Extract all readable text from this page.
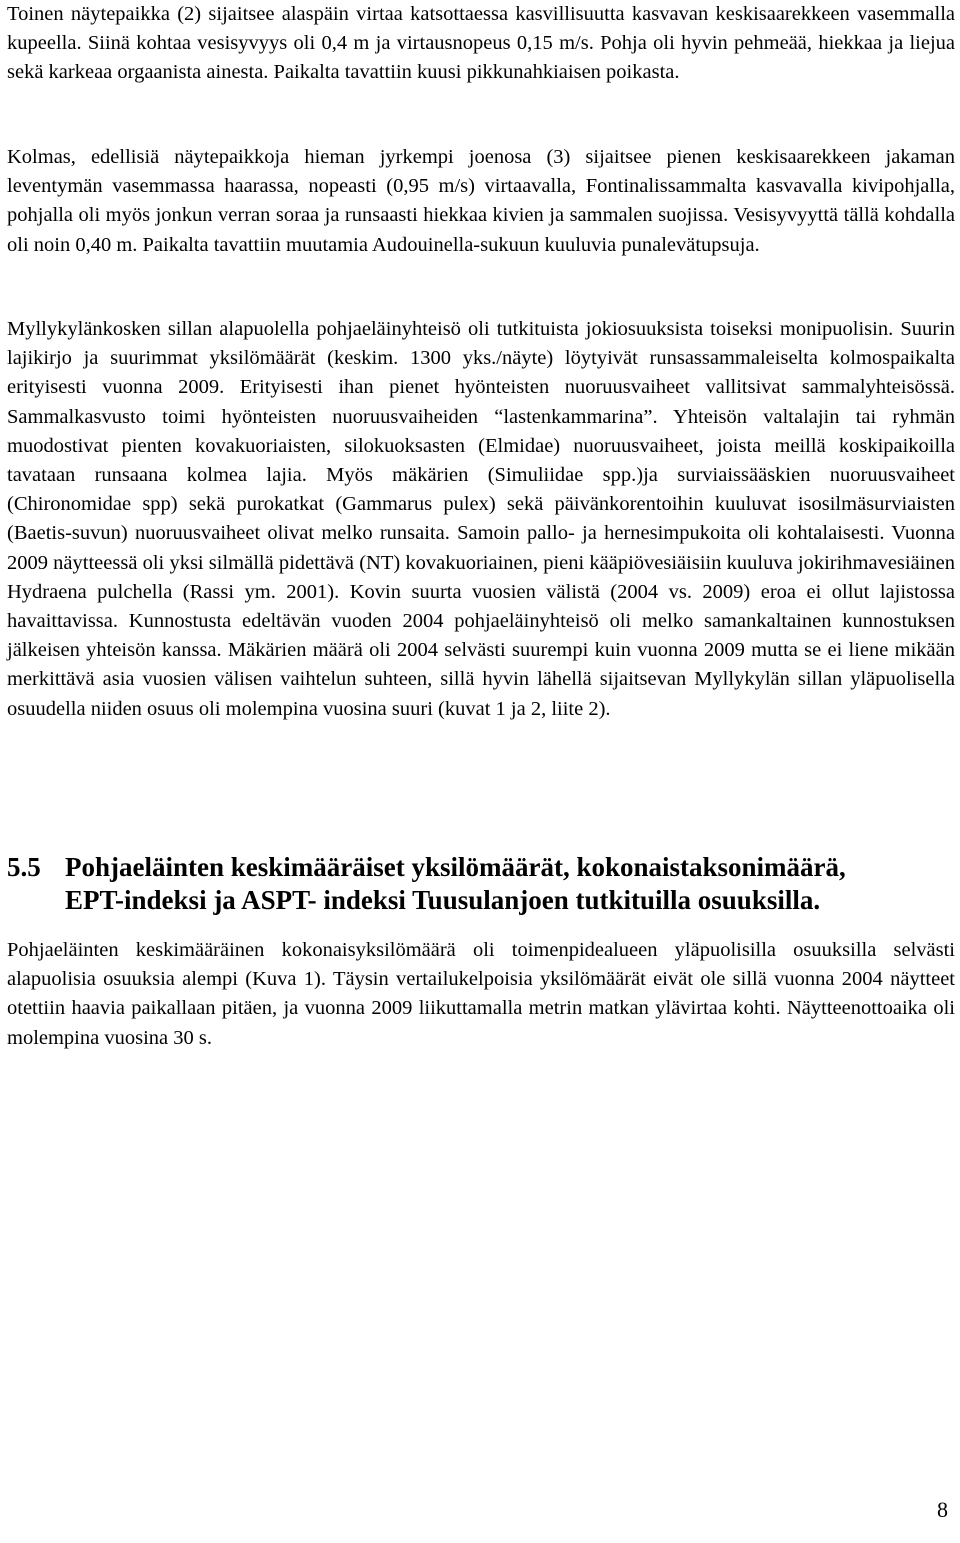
Toinen näytepaikka (2) sijaitsee alaspäin virtaa katsottaessa kasvillisuutta kasvavan keskisaarekkeen vasemmalla kupeella. Siinä kohtaa vesisyvyys oli 0,4 m ja virtausnopeus 0,15 m/s. Pohja oli hyvin pehmeää, hiekkaa ja liejua sekä karkeaa orgaanista ainesta. Paikalta tavattiin kuusi pikkunahkiaisen poikasta.

Kolmas, edellisiä näytepaikkoja hieman jyrkempi joenosa (3) sijaitsee pienen keskisaarekkeen jakaman leventymän vasemmassa haarassa, nopeasti (0,95 m/s) virtaavalla, Fontinalissammalta kasvavalla kivipohjalla, pohjalla oli myös jonkun verran soraa ja runsaasti hiekkaa kivien ja sammalen suojissa. Vesisyvyyttä tällä kohdalla oli noin 0,40 m. Paikalta tavattiin muutamia Audouinella-sukuun kuuluvia punalevätupsuja.

Myllykylänkosken sillan alapuolella pohjaeläinyhteisö oli tutkituista jokiosuuksista toiseksi monipuolisin. Suurin lajikirjo ja suurimmat yksilömäärät (keskim. 1300 yks./näyte) löytyivät runsassammaleiselta kolmospaikalta erityisesti vuonna 2009. Erityisesti ihan pienet hyönteisten nuoruusvaiheet vallitsivat sammalyhteisössä. Sammalkasvusto toimi hyönteisten nuoruusvaiheiden “lastenkammarina”. Yhteisön valtalajin tai ryhmän muodostivat pienten kovakuoriaisten, silokuoksasten (Elmidae) nuoruusvaiheet, joista meillä koskipaikoilla tavataan runsaana kolmea lajia. Myös mäkärien (Simuliidae spp.)ja surviaissääskien nuoruusvaiheet (Chironomidae spp) sekä purokatkat (Gammarus pulex) sekä päivänkorentoihin kuuluvat isosilmäsurviaisten (Baetis-suvun) nuoruusvaiheet olivat melko runsaita. Samoin pallo- ja hernesimpukoita oli kohtalaisesti. Vuonna 2009 näytteessä oli yksi silmällä pidettävä (NT) kovakuoriainen, pieni kääpiövesiäisiin kuuluva jokirihmavesiäinen Hydraena pulchella (Rassi ym. 2001). Kovin suurta vuosien välistä (2004 vs. 2009) eroa ei ollut lajistossa havaittavissa. Kunnostusta edeltävän vuoden 2004 pohjaeläinyhteisö oli melko samankaltainen kunnostuksen jälkeisen yhteisön kanssa. Mäkärien määrä oli 2004 selvästi suurempi kuin vuonna 2009 mutta se ei liene mikään merkittävä asia vuosien välisen vaihtelun suhteen, sillä hyvin lähellä sijaitsevan Myllykylän sillan yläpuolisella osuudella niiden osuus oli molempina vuosina suuri (kuvat 1 ja 2, liite 2).

5.5 Pohjaeläinten keskimääräiset yksilömäärät, kokonaistaksonimäärä,
EPT-indeksi ja ASPT- indeksi Tuusulanjoen tutkituilla osuuksilla.

Pohjaeläinten keskimääräinen kokonaisyksilömäärä oli toimenpidealueen yläpuolisilla osuuksilla selvästi alapuolisia osuuksia alempi (Kuva 1). Täysin vertailukelpoisia yksilömäärät eivät ole sillä vuonna 2004 näytteet otettiin haavia paikallaan pitäen, ja vuonna 2009 liikuttamalla metrin matkan ylävirtaa kohti. Näytteenottoaika oli molempina vuosina 30 s.

8
